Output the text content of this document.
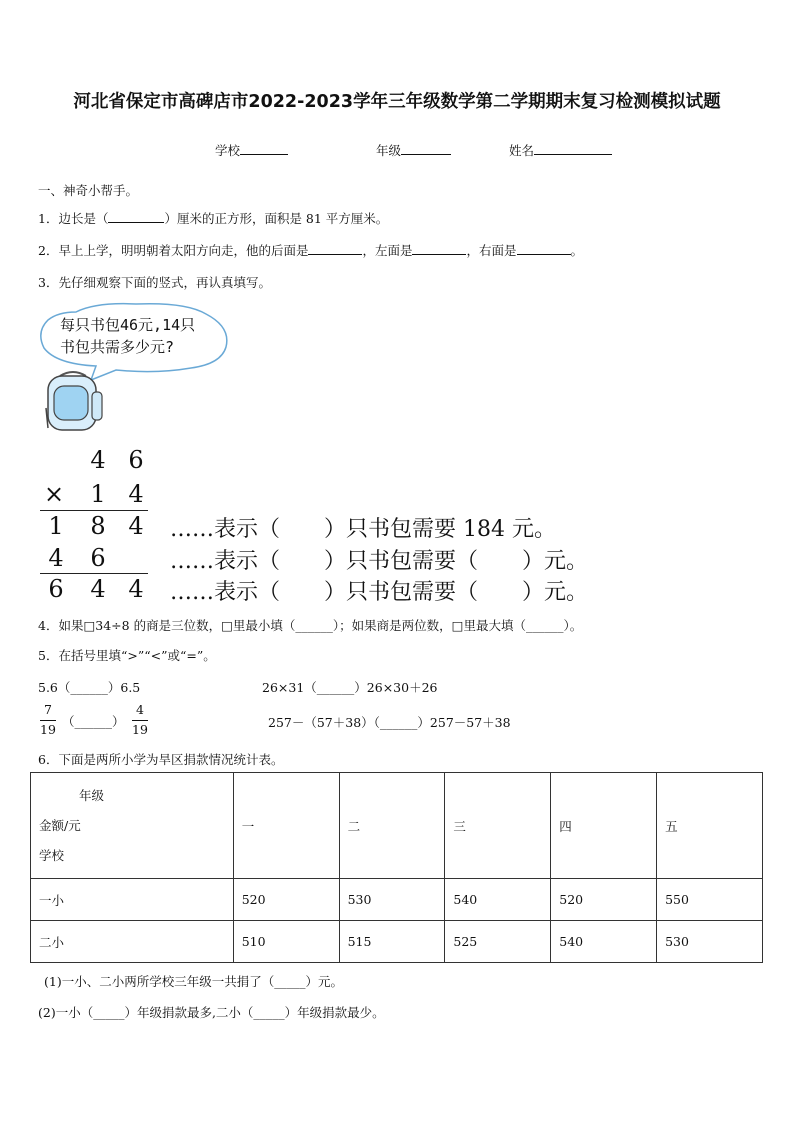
河北省保定市高碑店市2022-2023学年三年级数学第二学期期末复习检测模拟试题
学校	年级	姓名
一、神奇小帮手。
1．边长是（	）厘米的正方形，面积是 81 平方厘米。
2．早上上学，明明朝着太阳方向走，他的后面是	，左面是	，右面是	。
3．先仔细观察下面的竖式，再认真填写。
每只书包46元,14只
书包共需多少元?
4 6
× 1 4
1 8 4
4 6
6 4 4
……表示（　　）只书包需要 184 元。
……表示（　　）只书包需要（　　）元。
……表示（　　）只书包需要（　　）元。
4．如果□34÷8 的商是三位数，□里最小填（______）；如果商是两位数，□里最大填（______）。
5．在括号里填“>”“<”或“=”。
5.6（______）6.5	26×31（______）26×30＋26
7
19
（______）
4
19	257－（57＋38）（______）257－57＋38
6．下面是两所小学为旱区捐款情况统计表。
年级
金额/元
学校	一	二	三	四	五
一小	520	530	540	520	550
二小	510	515	525	540	530
(1)一小、二小两所学校三年级一共捐了（_____）元。
(2)一小（_____）年级捐款最多,二小（_____）年级捐款最少。
